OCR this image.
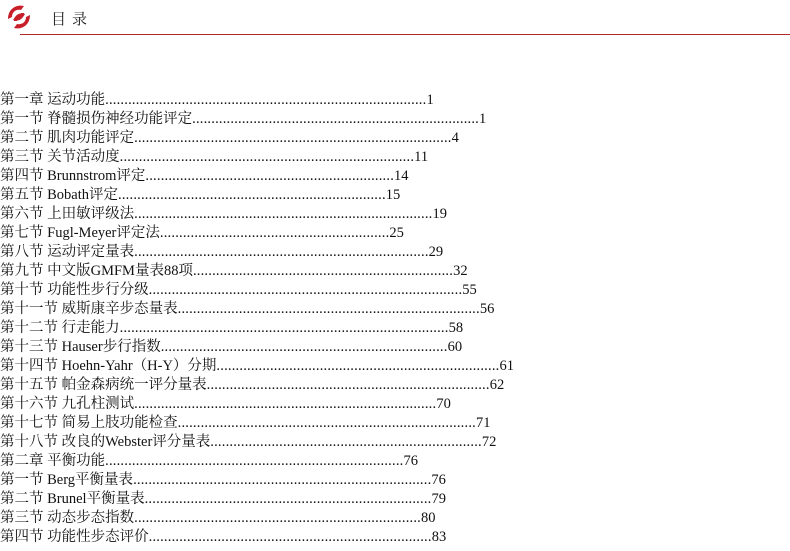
目录
第一章 运动功能....................................................................................1
第一节 脊髓损伤神经功能评定...........................................................................1
第二节 肌肉功能评定...................................................................................4
第三节 关节活动度.............................................................................11
第四节 Brunnstrom评定.................................................................14
第五节 Bobath评定......................................................................15
第六节 上田敏评级法..............................................................................19
第七节 Fugl-Meyer评定法............................................................25
第八节 运动评定量表.............................................................................29
第九节 中文版GMFM量表88项....................................................................32
第十节 功能性步行分级..................................................................................55
第十一节 威斯康辛步态量表...............................................................................56
第十二节 行走能力......................................................................................58
第十三节 Hauser步行指数...........................................................................60
第十四节 Hoehn-Yahr（H-Y）分期..........................................................................61
第十五节 帕金森病统一评分量表..........................................................................62
第十六节 九孔柱测试...............................................................................70
第十七节 简易上肢功能检查..............................................................................71
第十八节 改良的Webster评分量表.......................................................................72
第二章 平衡功能..............................................................................76
第一节 Berg平衡量表..............................................................................76
第二节 Brunel平衡量表...........................................................................79
第三节 动态步态指数...........................................................................80
第四节 功能性步态评价..........................................................................83
